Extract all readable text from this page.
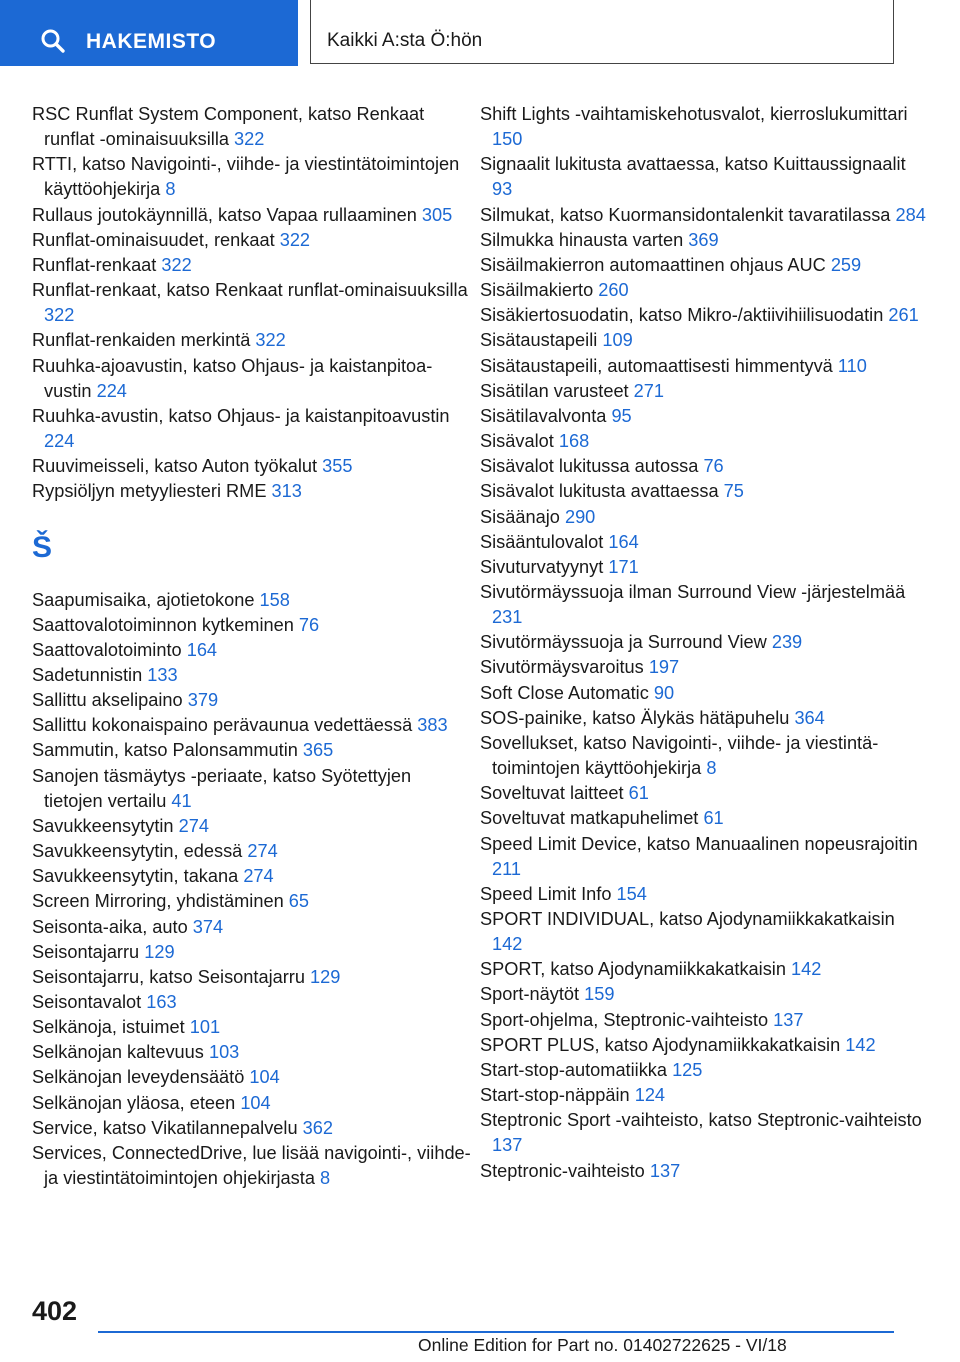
HAKEMISTO	Kaikki A:sta Ö:hön
RSC Runflat System Component, katso Renkaat runflat -ominaisuuksilla 322
RTTI, katso Navigointi-, viihde- ja viestintätoimintojen käyttöohjekirja 8
Rullaus joutokäynnillä, katso Vapaa rullaaminen 305
Runflat-ominaisuudet, renkaat 322
Runflat-renkaat 322
Runflat-renkaat, katso Renkaat runflat-ominaisuuksilla 322
Runflat-renkaiden merkintä 322
Ruuhka-ajoavustin, katso Ohjaus- ja kaistanpitoavustin 224
Ruuhka-avustin, katso Ohjaus- ja kaistanpitoavustin 224
Ruuvimeisseli, katso Auton työkalut 355
Rypsiöljyn metyyliesteri RME 313
Š
Saapumisaika, ajotietokone 158
Saattovalotoiminnon kytkeminen 76
Saattovalotoiminto 164
Sadetunnistin 133
Sallittu akselipaino 379
Sallittu kokonaispaino perävaunua vedettäessä 383
Sammutin, katso Palonsammutin 365
Sanojen täsmäytys -periaate, katso Syötettyjen tietojen vertailu 41
Savukkeensytytin 274
Savukkeensytytin, edessä 274
Savukkeensytytin, takana 274
Screen Mirroring, yhdistäminen 65
Seisonta-aika, auto 374
Seisontajarru 129
Seisontajarru, katso Seisontajarru 129
Seisontavalot 163
Selkänoja, istuimet 101
Selkänojan kaltevuus 103
Selkänojan leveydensäätö 104
Selkänojan yläosa, eteen 104
Service, katso Vikatilannepalvelu 362
Services, ConnectedDrive, lue lisää navigointi-, viihde- ja viestintätoimintojen ohjekirjasta 8
Shift Lights -vaihtamiskehotusvalot, kierroslukumittari 150
Signaalit lukitusta avattaessa, katso Kuittaussignaalit 93
Silmukat, katso Kuormansidontalenkit tavaratilassa 284
Silmukka hinausta varten 369
Sisäilmakierron automaattinen ohjaus AUC 259
Sisäilmakierto 260
Sisäkiertosuodatin, katso Mikro-/aktiivihiilisuodatin 261
Sisätaustapeili 109
Sisätaustapeili, automaattisesti himmentyvä 110
Sisätilan varusteet 271
Sisätilavalvonta 95
Sisävalot 168
Sisävalot lukitussa autossa 76
Sisävalot lukitusta avattaessa 75
Sisäänajo 290
Sisääntulovalot 164
Sivuturvatyynyt 171
Sivutörmäyssuoja ilman Surround View -järjestelmää 231
Sivutörmäyssuoja ja Surround View 239
Sivutörmäysvaroitus 197
Soft Close Automatic 90
SOS-painike, katso Älykäs hätäpuhelu 364
Sovellukset, katso Navigointi-, viihde- ja viestintätoimintojen käyttöohjekirja 8
Soveltuvat laitteet 61
Soveltuvat matkapuhelimet 61
Speed Limit Device, katso Manuaalinen nopeusrajoitin 211
Speed Limit Info 154
SPORT INDIVIDUAL, katso Ajodynamiikkakatkaisin 142
SPORT, katso Ajodynamiikkakatkaisin 142
Sport-näytöt 159
Sport-ohjelma, Steptronic-vaihteisto 137
SPORT PLUS, katso Ajodynamiikkakatkaisin 142
Start-stop-automatiikka 125
Start-stop-näppäin 124
Steptronic Sport -vaihteisto, katso Steptronic-vaihteisto 137
Steptronic-vaihteisto 137
402
Online Edition for Part no. 01402722625 - VI/18
